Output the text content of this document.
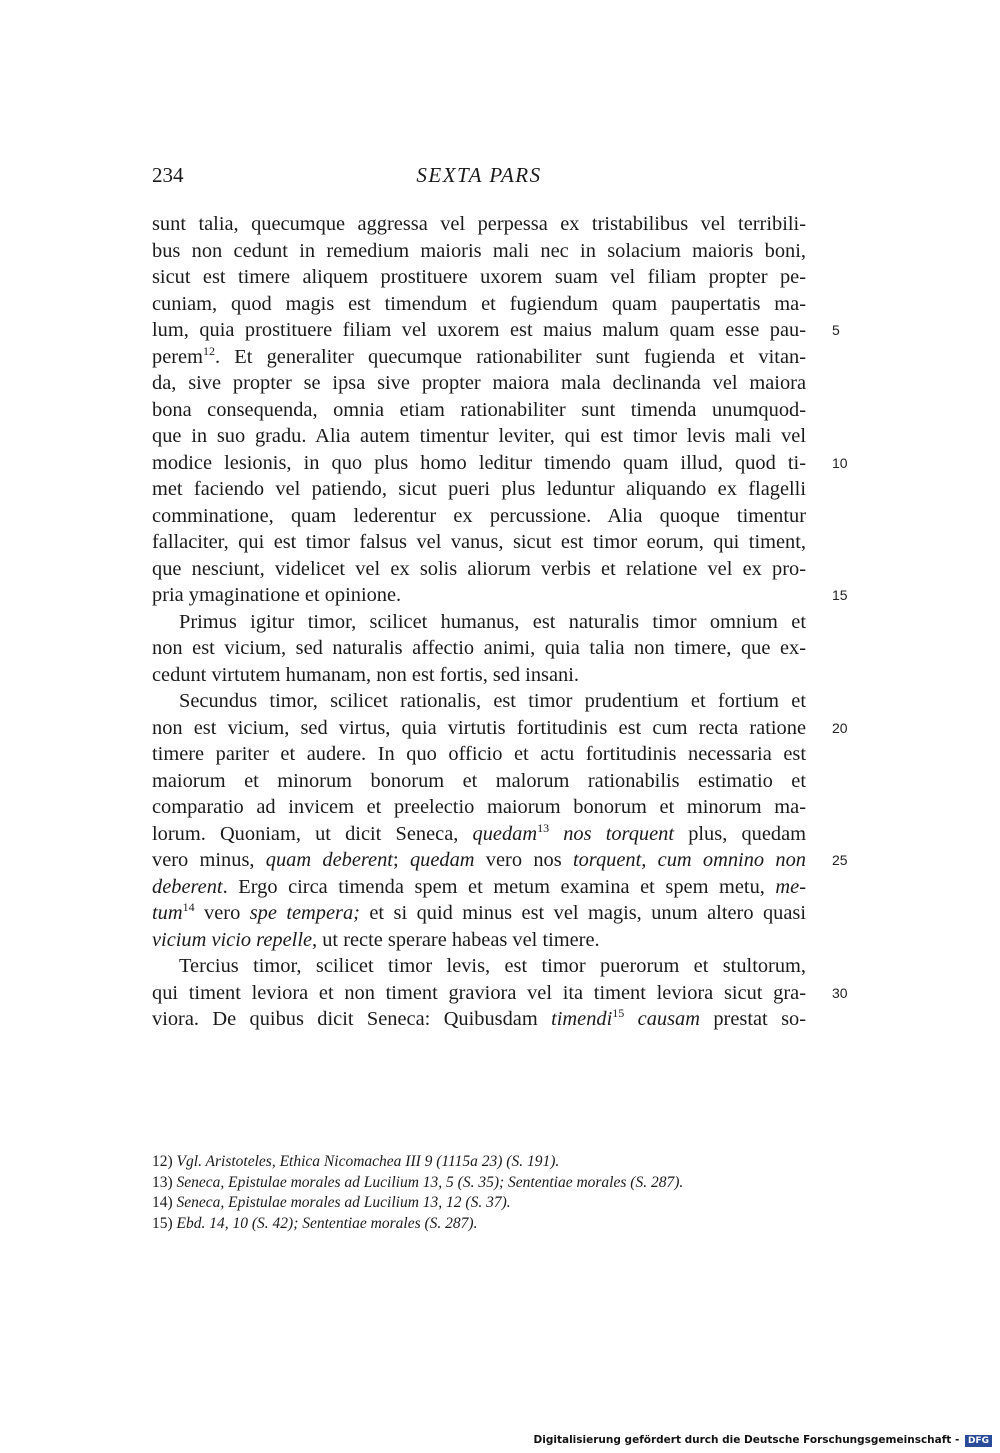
234	SEXTA PARS
sunt talia, quecumque aggressa vel perpessa ex tristabilibus vel terribili-
bus non cedunt in remedium maioris mali nec in solacium maioris boni,
sicut est timere aliquem prostituere uxorem suam vel filiam propter pe-
cuniam, quod magis est timendum et fugiendum quam paupertatis ma-
lum, quia prostituere filiam vel uxorem est maius malum quam esse pau- 5
perem$^{12}$. Et generaliter quecumque rationabiliter sunt fugienda et vitan-
da, sive propter se ipsa sive propter maiora mala declinanda vel maiora
bona consequenda, omnia etiam rationabiliter sunt timenda unumquod-
que in suo gradu. Alia autem timentur leviter, qui est timor levis mali vel
modice lesionis, in quo plus homo leditur timendo quam illud, quod ti- 10
met faciendo vel patiendo, sicut pueri plus leduntur aliquando ex flagelli
comminatione, quam lederentur ex percussione. Alia quoque timentur
fallaciter, qui est timor falsus vel vanus, sicut est timor eorum, qui timent,
que nesciunt, videlicet vel ex solis aliorum verbis et relatione vel ex pro-
pria ymaginatione et opinione.	15
Primus igitur timor, scilicet humanus, est naturalis timor omnium et
non est vicium, sed naturalis affectio animi, quia talia non timere, que ex-
cedunt virtutem humanam, non est fortis, sed insani.
Secundus timor, scilicet rationalis, est timor prudentium et fortium et
non est vicium, sed virtus, quia virtutis fortitudinis est cum recta ratione 20
timere pariter et audere. In quo officio et actu fortitudinis necessaria est
maiorum et minorum bonorum et malorum rationabilis estimatio et
comparatio ad invicem et preelectio maiorum bonorum et minorum ma-
lorum. Quoniam, ut dicit Seneca, quedam$^{13}$ nos torquent plus, quedam
vero minus, quam deberent; quedam vero nos torquent, cum omnino non 25
deberent. Ergo circa timenda spem et metum examina et spem metu, me-
tum$^{14}$ vero spe tempera; et si quid minus est vel magis, unum altero quasi
vicium vicio repelle, ut recte sperare habeas vel timere.
Tercius timor, scilicet timor levis, est timor puerorum et stultorum,
qui timent leviora et non timent graviora vel ita timent leviora sicut gra- 30
viora. De quibus dicit Seneca: Quibusdam timendi$^{15}$ causam prestat so-
12) Vgl. Aristoteles, Ethica Nicomachea III 9 (1115a 23) (S. 191).
13) Seneca, Epistulae morales ad Lucilium 13, 5 (S. 35); Sententiae morales (S. 287).
14) Seneca, Epistulae morales ad Lucilium 13, 12 (S. 37).
15) Ebd. 14, 10 (S. 42); Sententiae morales (S. 287).
Digitalisierung gefördert durch die Deutsche Forschungsgemeinschaft - DFG
